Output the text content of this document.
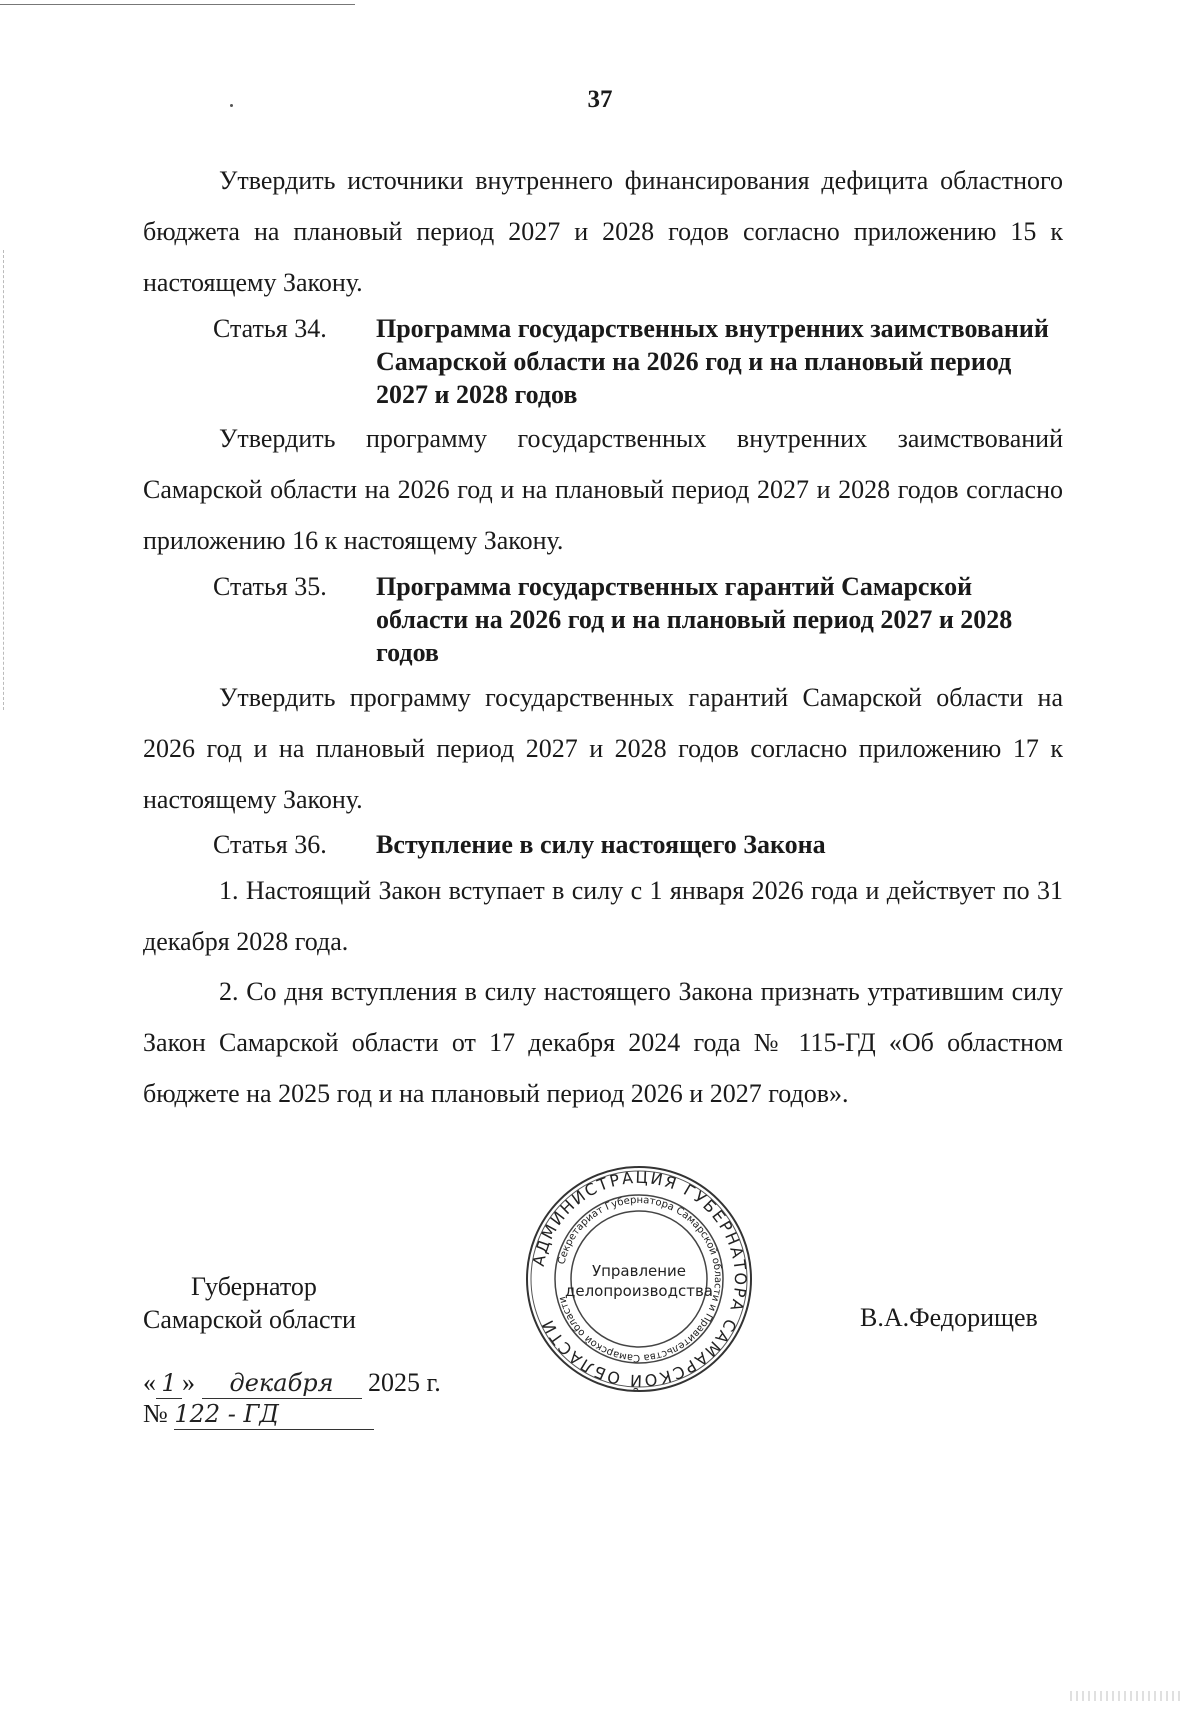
37

Утвердить источники внутреннего финансирования дефицита областного бюджета на плановый период 2027 и 2028 годов согласно приложению 15 к настоящему Закону.

Статья 34.	Программа государственных внутренних заимствований Самарской области на 2026 год и на плановый период 2027 и 2028 годов

Утвердить программу государственных внутренних заимствований Самарской области на 2026 год и на плановый период 2027 и 2028 годов согласно приложению 16 к настоящему Закону.

Статья 35.	Программа государственных гарантий Самарской области на 2026 год и на плановый период 2027 и 2028 годов

Утвердить программу государственных гарантий Самарской области на 2026 год и на плановый период 2027 и 2028 годов согласно приложению 17 к настоящему Закону.

Статья 36.	Вступление в силу настоящего Закона

1. Настоящий Закон вступает в силу с 1 января 2026 года и действует по 31 декабря 2028 года.

2. Со дня вступления в силу настоящего Закона признать утратившим силу Закон Самарской области от 17 декабря 2024 года № 115-ГД «Об областном бюджете на 2025 год и на плановый период 2026 и 2027 годов».

Губернатор
Самарской области	В.А.Федорищев
АДМИНИСТРАЦИЯ ГУБЕРНАТОРА САМАРСКОЙ ОБЛАСТИ
Секретариат Губернатора Самарской области и Правительства Самарской области
Управление
делопроизводства
« 1 » декабря 2025 г.
№ 122 - ГД
